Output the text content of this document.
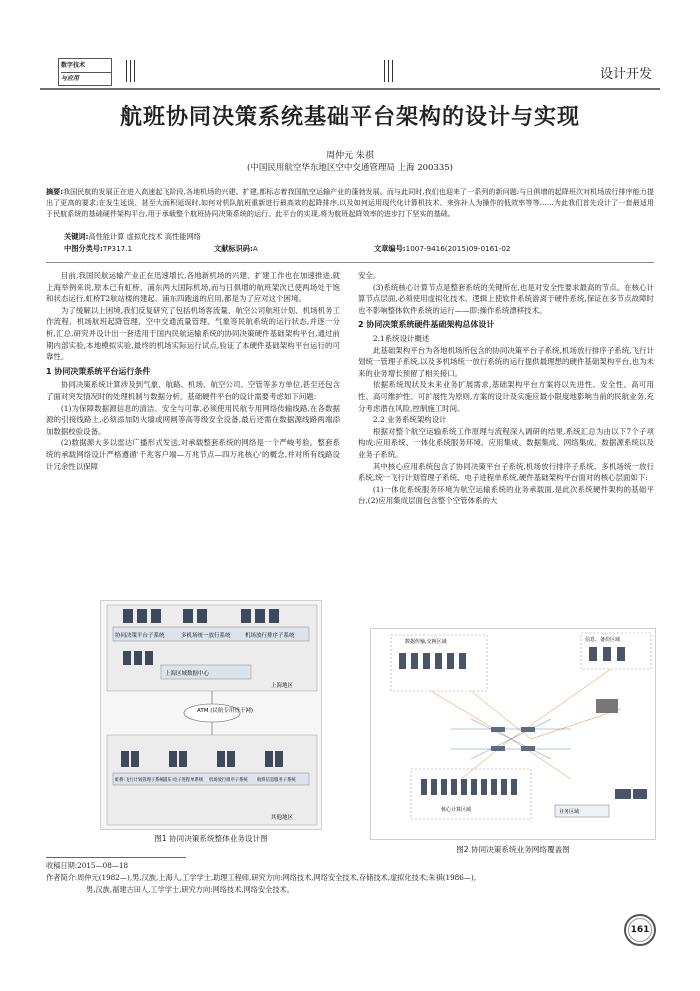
数字技术
与应用	设计开发
航班协同决策系统基础平台架构的设计与实现
周仲元 朱祺
(中国民用航空华东地区空中交通管理局 上海 200335)
摘要:我国民航的发展正在进入高速起飞阶段,各地机场的兴建、扩建,都标志着我国航空运输产业的蓬勃发展。而与此同时,我们也迎来了一系列的新问题:与日俱增的起降班次对机场放行排序能力提出了更高的要求;在发生延误、甚至大面积延误时,如何对机队航班重新进行最高效的起降排序,以及如何运用现代化计算机技术、来弥补人为操作的低效率等等……为此我们首先设计了一套最适用于民航系统的基础硬件架构平台,用于承载整个航班协同决策系统的运行。此平台的实现,将为航班起降效率的进步打下坚实的基础。
关键词:高性能计算 虚拟化技术 高性能网络
中图分类号: TP317.1	文献标识码: A	文章编号: 1007-9416(2015)09-0161-02

目前,我国民航运输产业正在迅速增长,各地新机场的兴建、扩建工作也在加速推进,就上海举例来说,原本已有虹桥、浦东两大国际机场,而与日俱增的航班架次已使两场处于饱和状态运行,虹桥T2航站楼的建起、浦东四跑道的启用,都是为了应对这个困境。

为了缓解以上困境,我们反复研究了包括机场客流量、航空公司航班计划、机场机务工作流程、机场航班起降管理、空中交通流量管理、气象等民航系统的运行状态,并逐一分析,汇总,研究并设计出一套适用于国内民航运输系统的协同决策硬件基础架构平台,通过前期内部实验,本地模拟实验,最终的机场实际运行试点,验证了本硬件基础架构平台运行的可靠性。

1 协同决策系统平台运行条件

协同决策系统计算涉及到气象、航路、机场、航空公司、空管等多方单位,甚至还包含了面对突发情况时的处理机制与数据分析。基础硬件平台的设计需要考虑如下问题:

(1)为保障数据源信息的清洁、安全与可靠,必须使用民航专用网络传输线路,在各数据源的引接线路上,必须添加防火墙或网闸等高等级安全设备,最后还需在数据源线路两端添加数据校验设备。

(2)数据源大多以雷达广播形式发送,对承载整套系统的网络是一个严峻考验。整套系统的承载网络设计严格遵循'千兆客户端—万兆节点—四万兆核心'的概念,并对所有线路设计冗余性以保障

安全。

(3)系统核心计算节点是整套系统的关键所在,也是对安全性要求最高的节点。在核心计算节点层面,必须使用虚拟化技术、逻辑上使软件系统游离于硬件系统,保证在多节点故障时也不影响整体软件系统的运行——即:操作系统漂移技术。

2 协同决策系统硬件基础架构总体设计
2.1系统设计概述

此基础架构平台为各地机场所包含的协同决策平台子系统,机场放行排序子系统,飞行计划统一管理子系统,以及多机场统一放行系统的运行提供最理想的硬件基础架构平台,也为未来的业务增长预留了相关接口。

依据系统现状及未来业务扩展需求,基础架构平台方案将以先进性、安全性、高可用性、高可维护性、可扩展性为原则,方案的设计及实施应最小限度地影响当前的民航业务,充分考虑潜在风险,控制施工时间。

2.2 业务系统架构设计

根据对整个航空运输系统工作原理与流程深入调研的结果,系统汇总为由以下7个子项构成:应用系统、一体化系统服务环境、应用集成、数据集成、网络集成、数据源系统以及业务子系统。

其中核心应用系统包含了协同决策平台子系统,机场放行排序子系统、多机场统一放行系统,统一飞行计划管理子系统、电子进程单系统,硬件基础架构平台面对的核心层面如下:

(1)一体化系统服务环境为航空运输系统的业务承载面,是此次系统硬件架构的基础平台,(2)应用集成层面包含整个空管体系的大

协同决策平台子系统	多机场统一放行系统	机场放行排序子系统
上海区域数据中心
上海地区
ATM (民航专用骨干网)
虹桥:飞行计划管理子系统 浦东:电子进程单系统 机场放行排序子系统 航班信息服务子系统
其他地区
图1 协同决策系统整体业务设计图
数据传输,交换区域	信息、备份区域
核心计算区域	业务区域
图2 协同决策系统业务网络覆盖图
收稿日期:2015—08—18
作者简介:周仲元(1982—),男,汉族,上海人,工学学士,助理工程师,研究方向:网络技术,网络安全技术,存储技术,虚拟化技术;朱祺(1986—),
男,汉族,福建古田人,工学学士,研究方向:网络技术,网络安全技术。
161
